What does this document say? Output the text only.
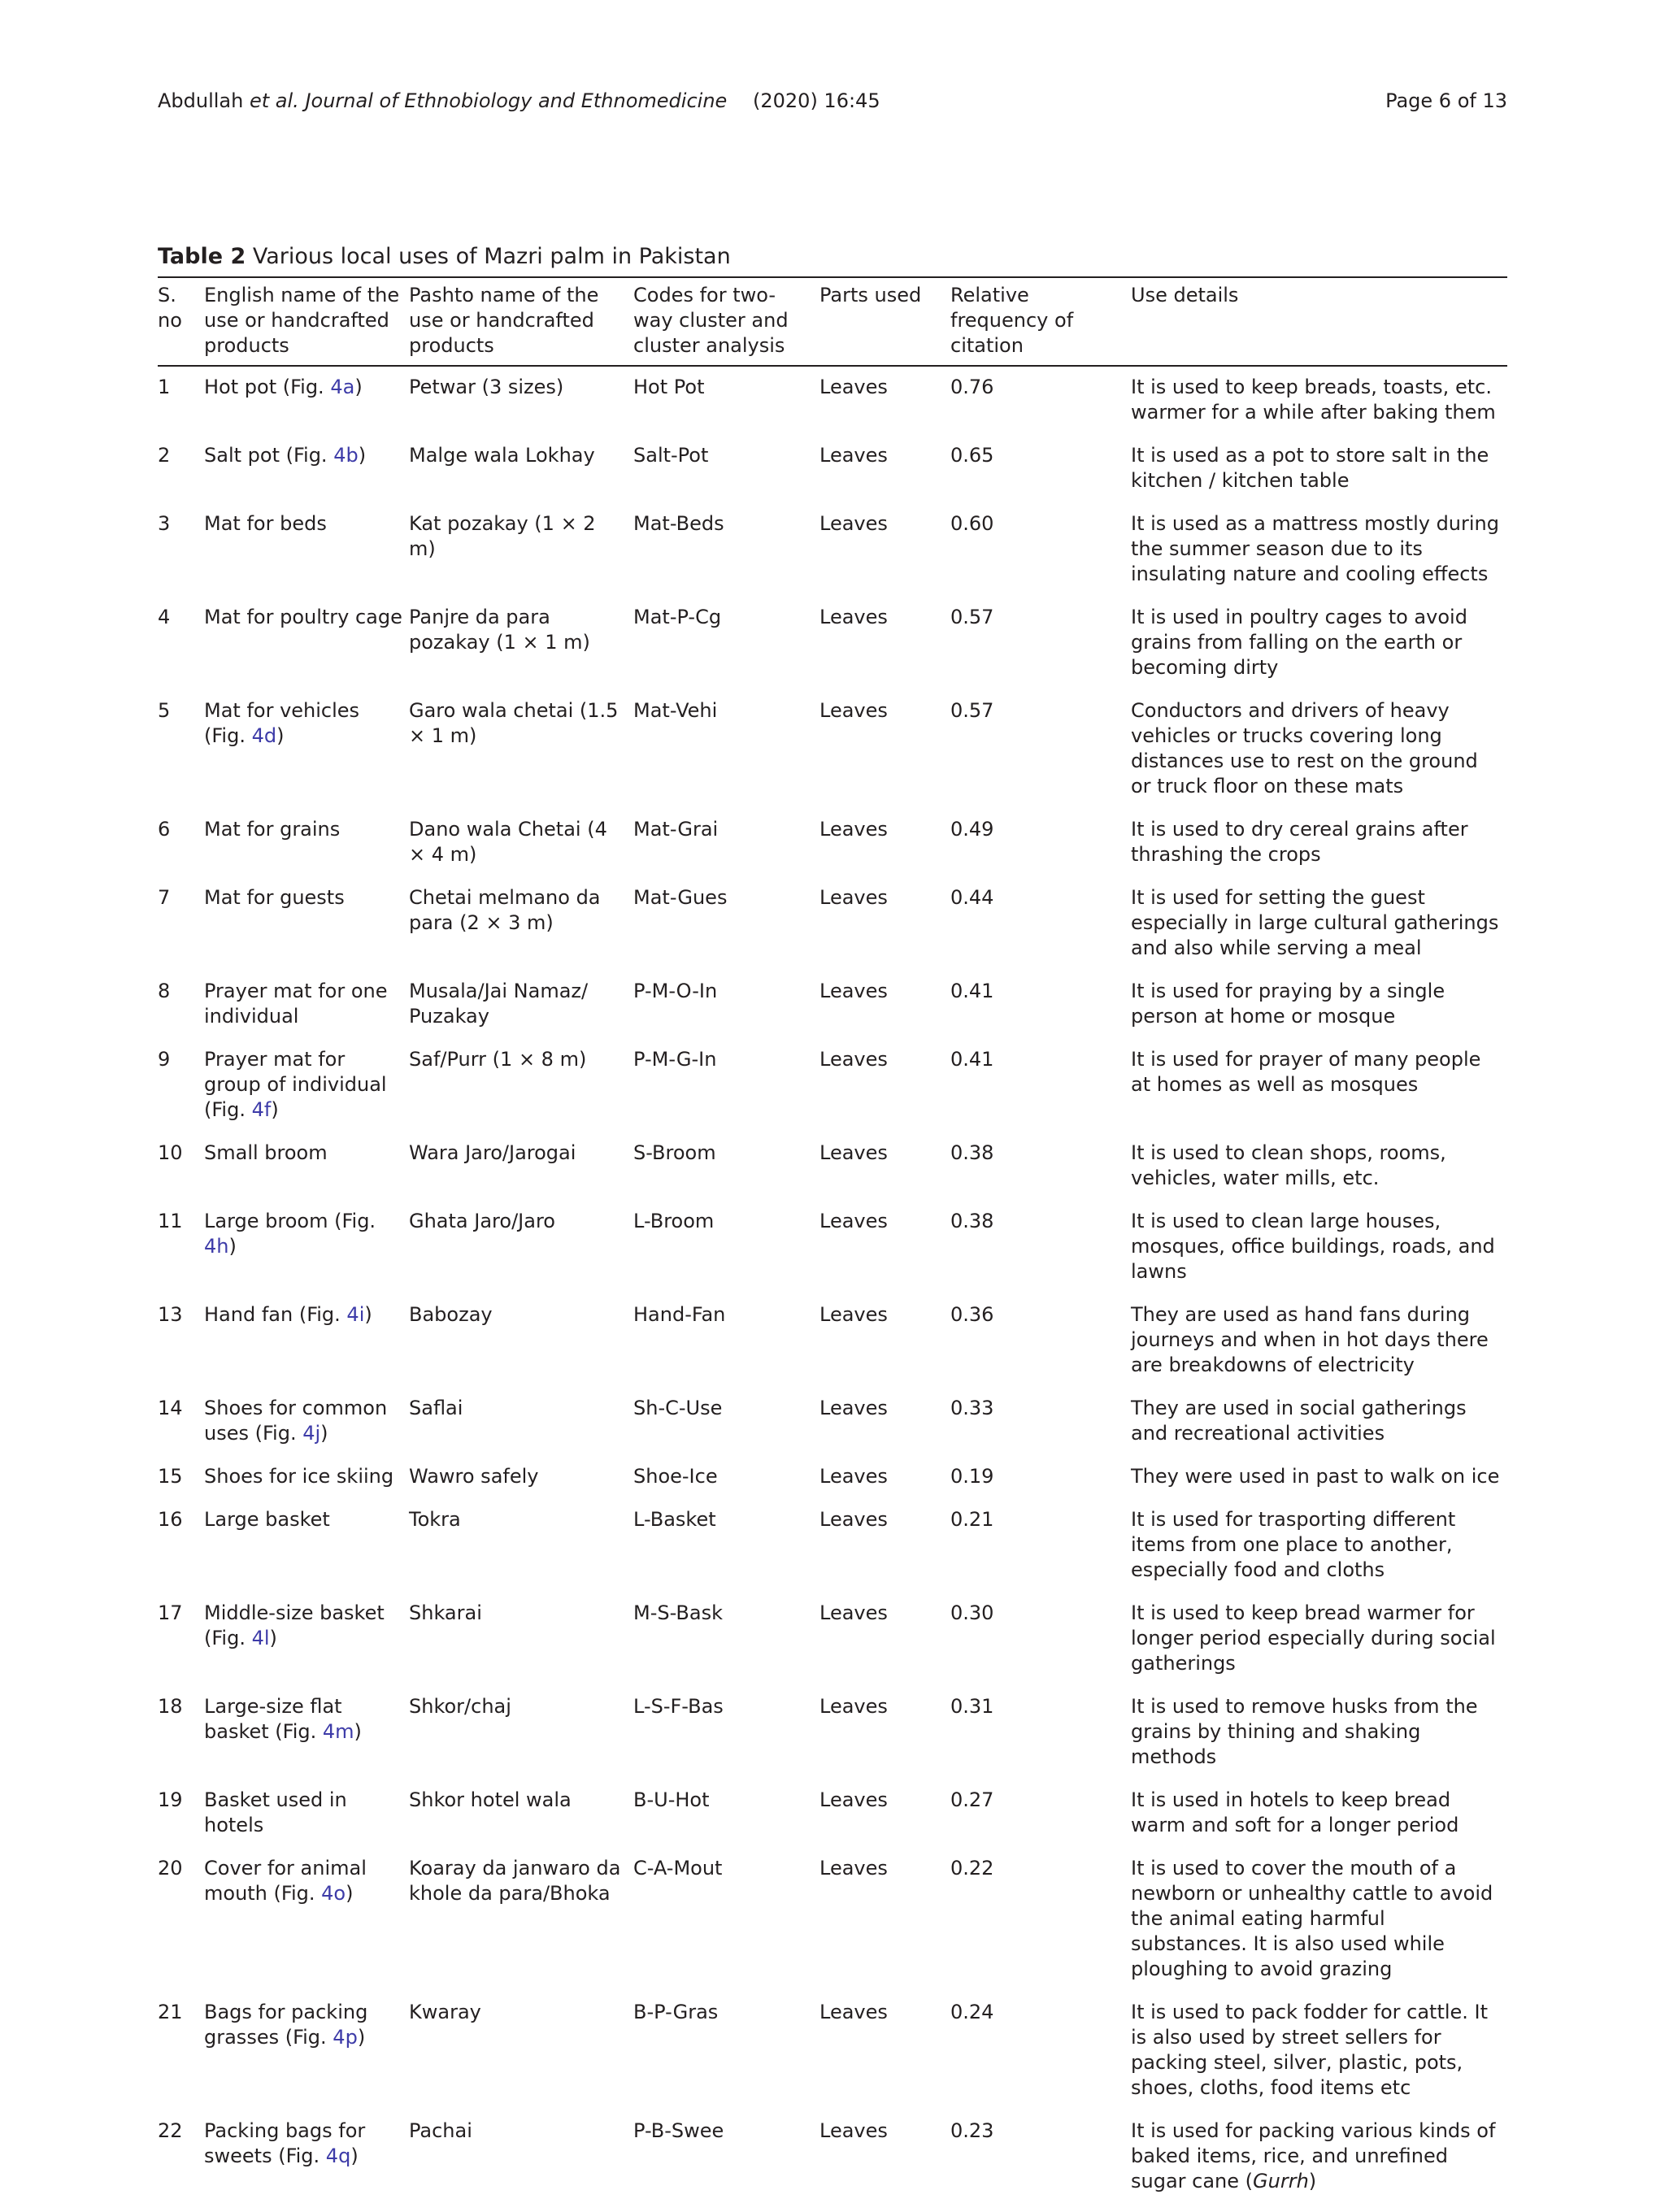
Abdullah et al. Journal of Ethnobiology and Ethnomedicine (2020) 16:45	Page 6 of 13
Table 2 Various local uses of Mazri palm in Pakistan
S. no	English name of the use or handcrafted products	Pashto name of the use or handcrafted products	Codes for two-way cluster and cluster analysis	Parts used	Relative frequency of citation	Use details
1	Hot pot (Fig. 4a)	Petwar (3 sizes)	Hot Pot	Leaves	0.76	It is used to keep breads, toasts, etc. warmer for a while after baking them
2	Salt pot (Fig. 4b)	Malge wala Lokhay	Salt-Pot	Leaves	0.65	It is used as a pot to store salt in the kitchen / kitchen table
3	Mat for beds	Kat pozakay (1 × 2 m)	Mat-Beds	Leaves	0.60	It is used as a mattress mostly during the summer season due to its insulating nature and cooling effects
4	Mat for poultry cage	Panjre da para pozakay (1 × 1 m)	Mat-P-Cg	Leaves	0.57	It is used in poultry cages to avoid grains from falling on the earth or becoming dirty
5	Mat for vehicles (Fig. 4d)	Garo wala chetai (1.5 × 1 m)	Mat-Vehi	Leaves	0.57	Conductors and drivers of heavy vehicles or trucks covering long distances use to rest on the ground or truck floor on these mats
6	Mat for grains	Dano wala Chetai (4 × 4 m)	Mat-Grai	Leaves	0.49	It is used to dry cereal grains after thrashing the crops
7	Mat for guests	Chetai melmano da para (2 × 3 m)	Mat-Gues	Leaves	0.44	It is used for setting the guest especially in large cultural gatherings and also while serving a meal
8	Prayer mat for one individual	Musala/Jai Namaz/ Puzakay	P-M-O-In	Leaves	0.41	It is used for praying by a single person at home or mosque
9	Prayer mat for group of individual (Fig. 4f)	Saf/Purr (1 × 8 m)	P-M-G-In	Leaves	0.41	It is used for prayer of many people at homes as well as mosques
10	Small broom	Wara Jaro/Jarogai	S-Broom	Leaves	0.38	It is used to clean shops, rooms, vehicles, water mills, etc.
11	Large broom (Fig. 4h)	Ghata Jaro/Jaro	L-Broom	Leaves	0.38	It is used to clean large houses, mosques, office buildings, roads, and lawns
13	Hand fan (Fig. 4i)	Babozay	Hand-Fan	Leaves	0.36	They are used as hand fans during journeys and when in hot days there are breakdowns of electricity
14	Shoes for common uses (Fig. 4j)	Saflai	Sh-C-Use	Leaves	0.33	They are used in social gatherings and recreational activities
15	Shoes for ice skiing	Wawro safely	Shoe-Ice	Leaves	0.19	They were used in past to walk on ice
16	Large basket	Tokra	L-Basket	Leaves	0.21	It is used for trasporting different items from one place to another, especially food and cloths
17	Middle-size basket (Fig. 4l)	Shkarai	M-S-Bask	Leaves	0.30	It is used to keep bread warmer for longer period especially during social gatherings
18	Large-size flat basket (Fig. 4m)	Shkor/chaj	L-S-F-Bas	Leaves	0.31	It is used to remove husks from the grains by thining and shaking methods
19	Basket used in hotels	Shkor hotel wala	B-U-Hot	Leaves	0.27	It is used in hotels to keep bread warm and soft for a longer period
20	Cover for animal mouth (Fig. 4o)	Koaray da janwaro da khole da para/Bhoka	C-A-Mout	Leaves	0.22	It is used to cover the mouth of a newborn or unhealthy cattle to avoid the animal eating harmful substances. It is also used while ploughing to avoid grazing
21	Bags for packing grasses (Fig. 4p)	Kwaray	B-P-Gras	Leaves	0.24	It is used to pack fodder for cattle. It is also used by street sellers for packing steel, silver, plastic, pots, shoes, cloths, food items etc
22	Packing bags for sweets (Fig. 4q)	Pachai	P-B-Swee	Leaves	0.23	It is used for packing various kinds of baked items, rice, and unrefined sugar cane (Gurrh)
